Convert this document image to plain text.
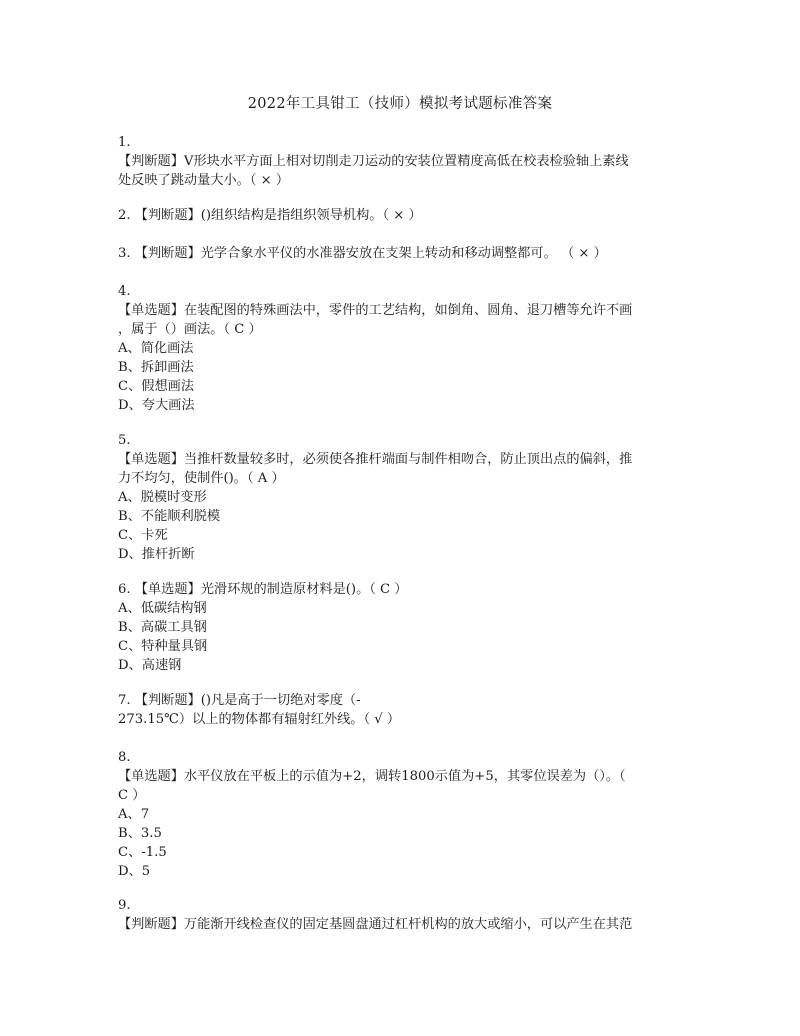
2022年工具钳工（技师）模拟考试题标准答案
1.
【判断题】V形块水平方面上相对切削走刀运动的安装位置精度高低在校表检验轴上素线
处反映了跳动量大小。（ × ）
2. 【判断题】()组织结构是指组织领导机构。（ × ）
3. 【判断题】光学合象水平仪的水准器安放在支架上转动和移动调整都可。 （ × ）
4.
【单选题】在装配图的特殊画法中，零件的工艺结构，如倒角、圆角、退刀槽等允许不画
，属于（）画法。（ C ）
A、简化画法
B、拆卸画法
C、假想画法
D、夸大画法
5.
【单选题】当推杆数量较多时，必须使各推杆端面与制件相吻合，防止顶出点的偏斜，推
力不均匀，使制件()。（ A ）
A、脱模时变形
B、不能顺利脱模
C、卡死
D、推杆折断
6. 【单选题】光滑环规的制造原材料是()。（ C ）
A、低碳结构钢
B、高碳工具钢
C、特种量具钢
D、高速钢
7. 【判断题】()凡是高于一切绝对零度（-
273.15℃）以上的物体都有辐射红外线。（ √ ）
8.
【单选题】水平仪放在平板上的示值为+2，调转1800示值为+5，其零位误差为（）。（
C ）
A、7
B、3.5
C、-1.5
D、5
9.
【判断题】万能渐开线检查仪的固定基圆盘通过杠杆机构的放大或缩小，可以产生在其范
